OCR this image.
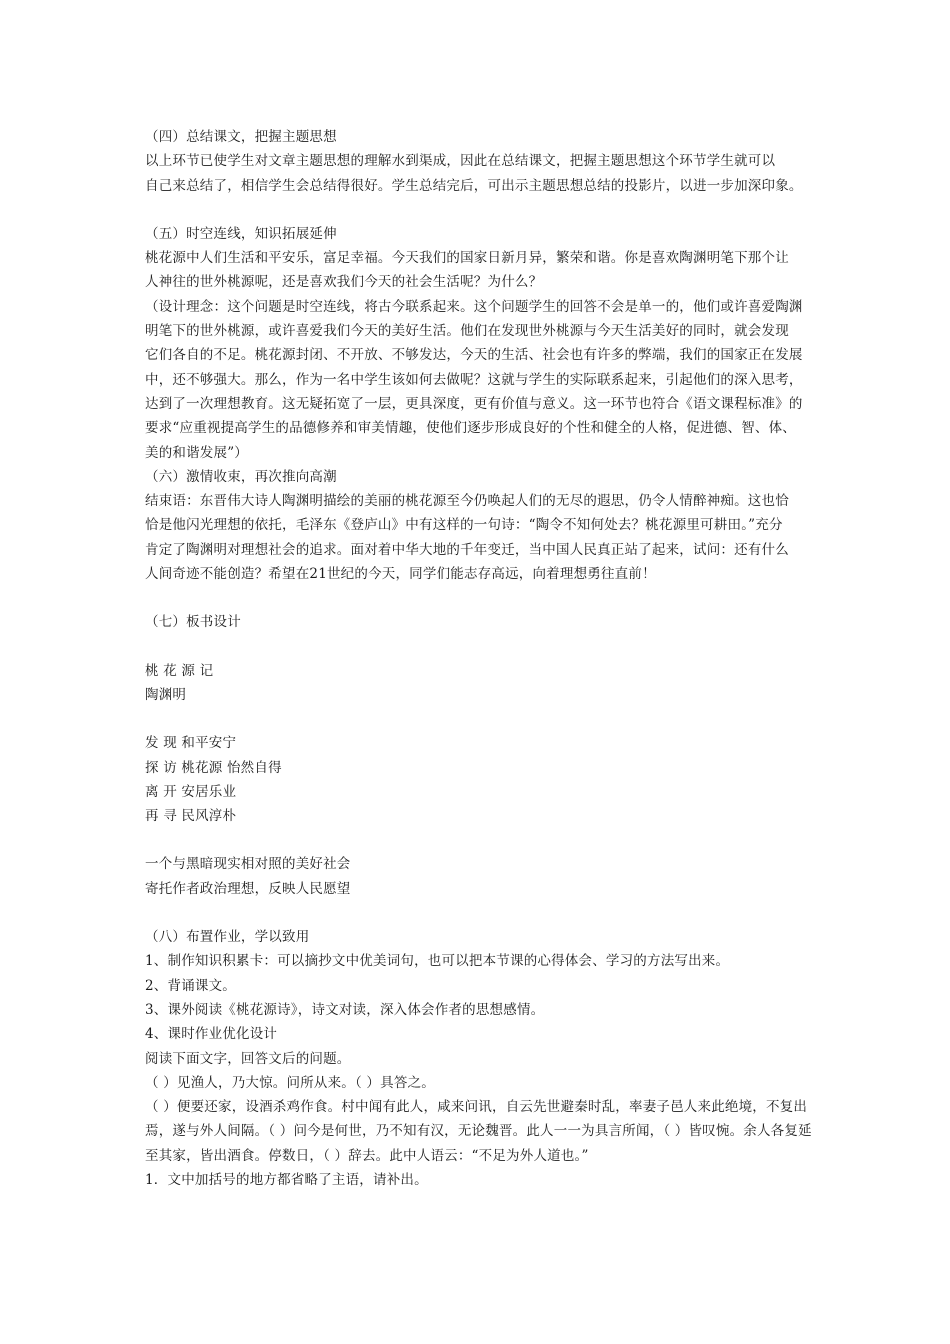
（四）总结课文，把握主题思想

以上环节已使学生对文章主题思想的理解水到渠成，因此在总结课文，把握主题思想这个环节学生就可以

自己来总结了，相信学生会总结得很好。学生总结完后，可出示主题思想总结的投影片，以进一步加深印象。

（五）时空连线，知识拓展延伸

桃花源中人们生活和平安乐，富足幸福。今天我们的国家日新月异，繁荣和谐。你是喜欢陶渊明笔下那个让

人神往的世外桃源呢，还是喜欢我们今天的社会生活呢？为什么？

（设计理念：这个问题是时空连线，将古今联系起来。这个问题学生的回答不会是单一的，他们或许喜爱陶渊

明笔下的世外桃源，或许喜爱我们今天的美好生活。他们在发现世外桃源与今天生活美好的同时，就会发现

它们各自的不足。桃花源封闭、不开放、不够发达，今天的生活、社会也有许多的弊端，我们的国家正在发展

中，还不够强大。那么，作为一名中学生该如何去做呢？这就与学生的实际联系起来，引起他们的深入思考，

达到了一次理想教育。这无疑拓宽了一层，更具深度，更有价值与意义。这一环节也符合《语文课程标准》的

要求“应重视提高学生的品德修养和审美情趣，使他们逐步形成良好的个性和健全的人格，促进德、智、体、

美的和谐发展”）

（六）激情收束，再次推向高潮

结束语：东晋伟大诗人陶渊明描绘的美丽的桃花源至今仍唤起人们的无尽的遐思，仍令人情醉神痴。这也恰

恰是他闪光理想的依托，毛泽东《登庐山》中有这样的一句诗：“陶令不知何处去？桃花源里可耕田。”充分

肯定了陶渊明对理想社会的追求。面对着中华大地的千年变迁，当中国人民真正站了起来，试问：还有什么

人间奇迹不能创造？希望在21世纪的今天，同学们能志存高远，向着理想勇往直前！

（七）板书设计

桃 花 源 记

陶渊明

发 现 和平安宁

探 访 桃花源 怡然自得

离 开 安居乐业

再 寻 民风淳朴

一个与黑暗现实相对照的美好社会

寄托作者政治理想，反映人民愿望

（八）布置作业，学以致用

1、制作知识积累卡：可以摘抄文中优美词句，也可以把本节课的心得体会、学习的方法写出来。

2、背诵课文。

3、课外阅读《桃花源诗》，诗文对读，深入体会作者的思想感情。

4、课时作业优化设计

阅读下面文字，回答文后的问题。

（ ）见渔人，乃大惊。问所从来。（ ）具答之。

（ ）便要还家，设酒杀鸡作食。村中闻有此人，咸来问讯，自云先世避秦时乱，率妻子邑人来此绝境，不复出

焉，遂与外人间隔。（ ）问今是何世，乃不知有汉，无论魏晋。此人一一为具言所闻，（ ）皆叹惋。余人各复延

至其家，皆出酒食。停数日，（ ）辞去。此中人语云：“不足为外人道也。”

1．文中加括号的地方都省略了主语，请补出。
